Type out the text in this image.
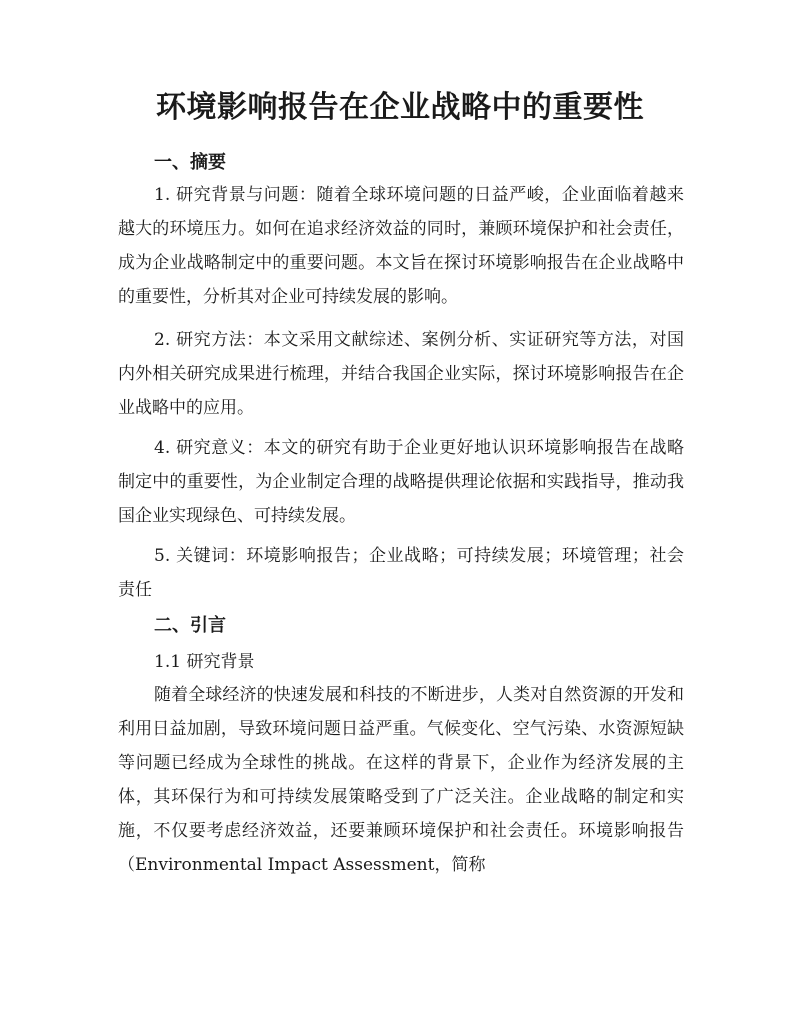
环境影响报告在企业战略中的重要性
一、摘要
1. 研究背景与问题：随着全球环境问题的日益严峻，企业面临着越来越大的环境压力。如何在追求经济效益的同时，兼顾环境保护和社会责任，成为企业战略制定中的重要问题。本文旨在探讨环境影响报告在企业战略中的重要性，分析其对企业可持续发展的影响。
2. 研究方法：本文采用文献综述、案例分析、实证研究等方法，对国内外相关研究成果进行梳理，并结合我国企业实际，探讨环境影响报告在企业战略中的应用。
4. 研究意义：本文的研究有助于企业更好地认识环境影响报告在战略制定中的重要性，为企业制定合理的战略提供理论依据和实践指导，推动我国企业实现绿色、可持续发展。
5. 关键词：环境影响报告；企业战略；可持续发展；环境管理；社会责任
二、引言
1.1 研究背景
随着全球经济的快速发展和科技的不断进步，人类对自然资源的开发和利用日益加剧，导致环境问题日益严重。气候变化、空气污染、水资源短缺等问题已经成为全球性的挑战。在这样的背景下，企业作为经济发展的主体，其环保行为和可持续发展策略受到了广泛关注。企业战略的制定和实施，不仅要考虑经济效益，还要兼顾环境保护和社会责任。环境影响报告（Environmental Impact Assessment，简称
